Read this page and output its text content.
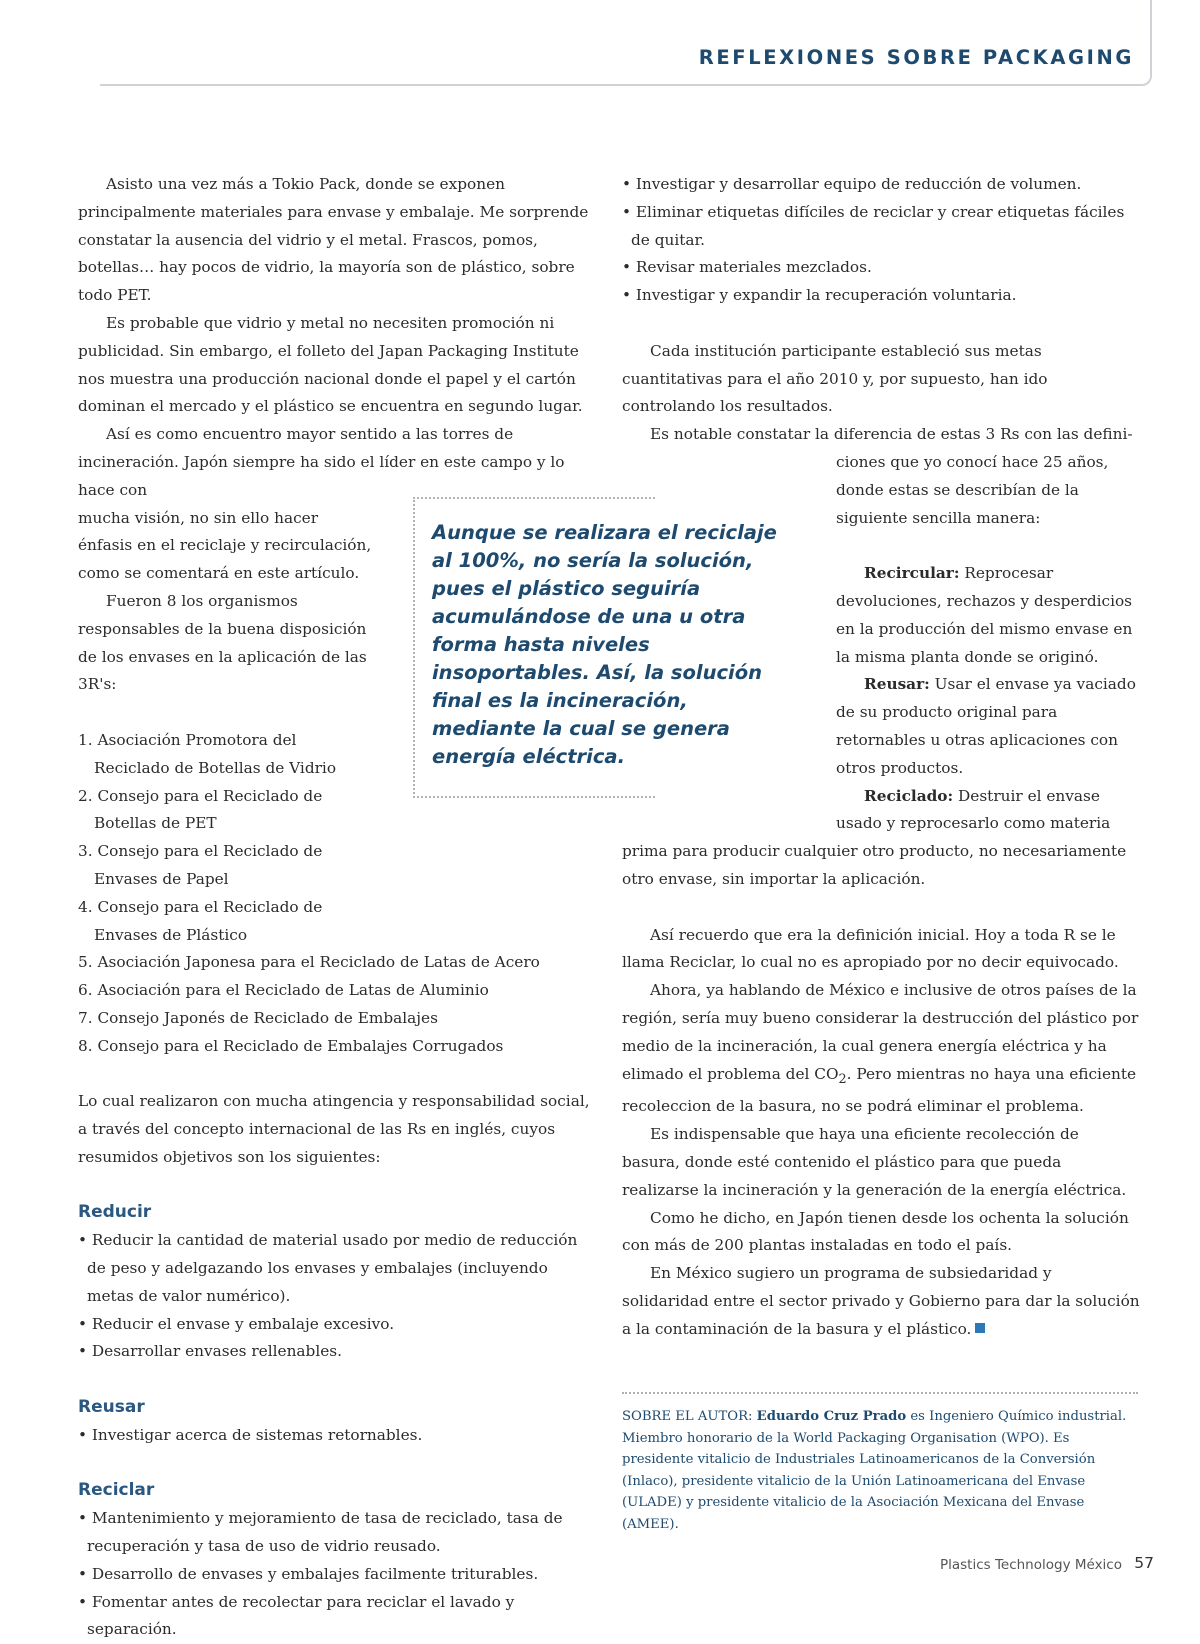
REFLEXIONES SOBRE PACKAGING

Asisto una vez más a Tokio Pack, donde se exponen principalmente materiales para envase y embalaje. Me sorprende constatar la ausencia del vidrio y el metal. Frascos, pomos, botellas… hay pocos de vidrio, la mayoría son de plástico, sobre todo PET.

Es probable que vidrio y metal no necesiten promoción ni publicidad. Sin embargo, el folleto del Japan Packaging Institute nos muestra una producción nacional donde el papel y el cartón dominan el mercado y el plástico se encuentra en segundo lugar.

Así es como encuentro mayor sentido a las torres de incineración. Japón siempre ha sido el líder en este campo y lo hace con

mucha visión, no sin ello hacer énfasis en el reciclaje y recirculación, como se comentará en este artículo.

Fueron 8 los organismos responsables de la buena disposición de los envases en la aplicación de las 3R's:

1. Asociación Promotora del Reciclado de Botellas de Vidrio

2. Consejo para el Reciclado de Botellas de PET

3. Consejo para el Reciclado de Envases de Papel

4. Consejo para el Reciclado de Envases de Plástico

5. Asociación Japonesa para el Reciclado de Latas de Acero

6. Asociación para el Reciclado de Latas de Aluminio

7. Consejo Japonés de Reciclado de Embalajes

8. Consejo para el Reciclado de Embalajes Corrugados

Lo cual realizaron con mucha atingencia y responsabilidad social, a través del concepto internacional de las Rs en inglés, cuyos resumidos objetivos son los siguientes:

Reducir

• Reducir la cantidad de material usado por medio de reducción de peso y adelgazando los envases y embalajes (incluyendo metas de valor numérico).

• Reducir el envase y embalaje excesivo.

• Desarrollar envases rellenables.

Reusar

• Investigar acerca de sistemas retornables.

Reciclar

• Mantenimiento y mejoramiento de tasa de reciclado, tasa de recuperación y tasa de uso de vidrio reusado.

• Desarrollo de envases y embalajes facilmente triturables.

• Fomentar antes de recolectar para reciclar el lavado y separación.

Aunque se realizara el reciclaje al 100%, no sería la solución, pues el plástico seguiría acumulándose de una u otra forma hasta niveles insoportables. Así, la solución final es la incineración, mediante la cual se genera energía eléctrica.

• Investigar y desarrollar equipo de reducción de volumen.

• Eliminar etiquetas difíciles de reciclar y crear etiquetas fáciles de quitar.

• Revisar materiales mezclados.

• Investigar y expandir la recuperación voluntaria.

Cada institución participante estableció sus metas cuantitativas para el año 2010 y, por supuesto, han ido controlando los resultados.

Es notable constatar la diferencia de estas 3 Rs con las defini-

ciones que yo conocí hace 25 años, donde estas se describían de la siguiente sencilla manera:

Recircular: Reprocesar devoluciones, rechazos y desperdicios en la producción del mismo envase en la misma planta donde se originó.

Reusar: Usar el envase ya vaciado de su producto original para retornables u otras aplicaciones con otros productos.

Reciclado: Destruir el envase usado y reprocesarlo como materia

prima para producir cualquier otro producto, no necesariamente otro envase, sin importar la aplicación.

Así recuerdo que era la definición inicial. Hoy a toda R se le llama Reciclar, lo cual no es apropiado por no decir equivocado.

Ahora, ya hablando de México e inclusive de otros países de la región, sería muy bueno considerar la destrucción del plástico por medio de la incineración, la cual genera energía eléctrica y ha elimado el problema del $CO_2$. Pero mientras no haya una eficiente recoleccion de la basura, no se podrá eliminar el problema.

Es indispensable que haya una eficiente recolección de basura, donde esté contenido el plástico para que pueda realizarse la incineración y la generación de la energía eléctrica.

Como he dicho, en Japón tienen desde los ochenta la solución con más de 200 plantas instaladas en todo el país.

En México sugiero un programa de subsiedaridad y solidaridad entre el sector privado y Gobierno para dar la solución a la contaminación de la basura y el plástico.

SOBRE EL AUTOR: Eduardo Cruz Prado es Ingeniero Químico industrial. Miembro honorario de la World Packaging Organisation (WPO). Es presidente vitalicio de Industriales Latinoamericanos de la Conversión (Inlaco), presidente vitalicio de la Unión Latinoamericana del Envase (ULADE) y presidente vitalicio de la Asociación Mexicana del Envase (AMEE).

Plastics Technology México 57
